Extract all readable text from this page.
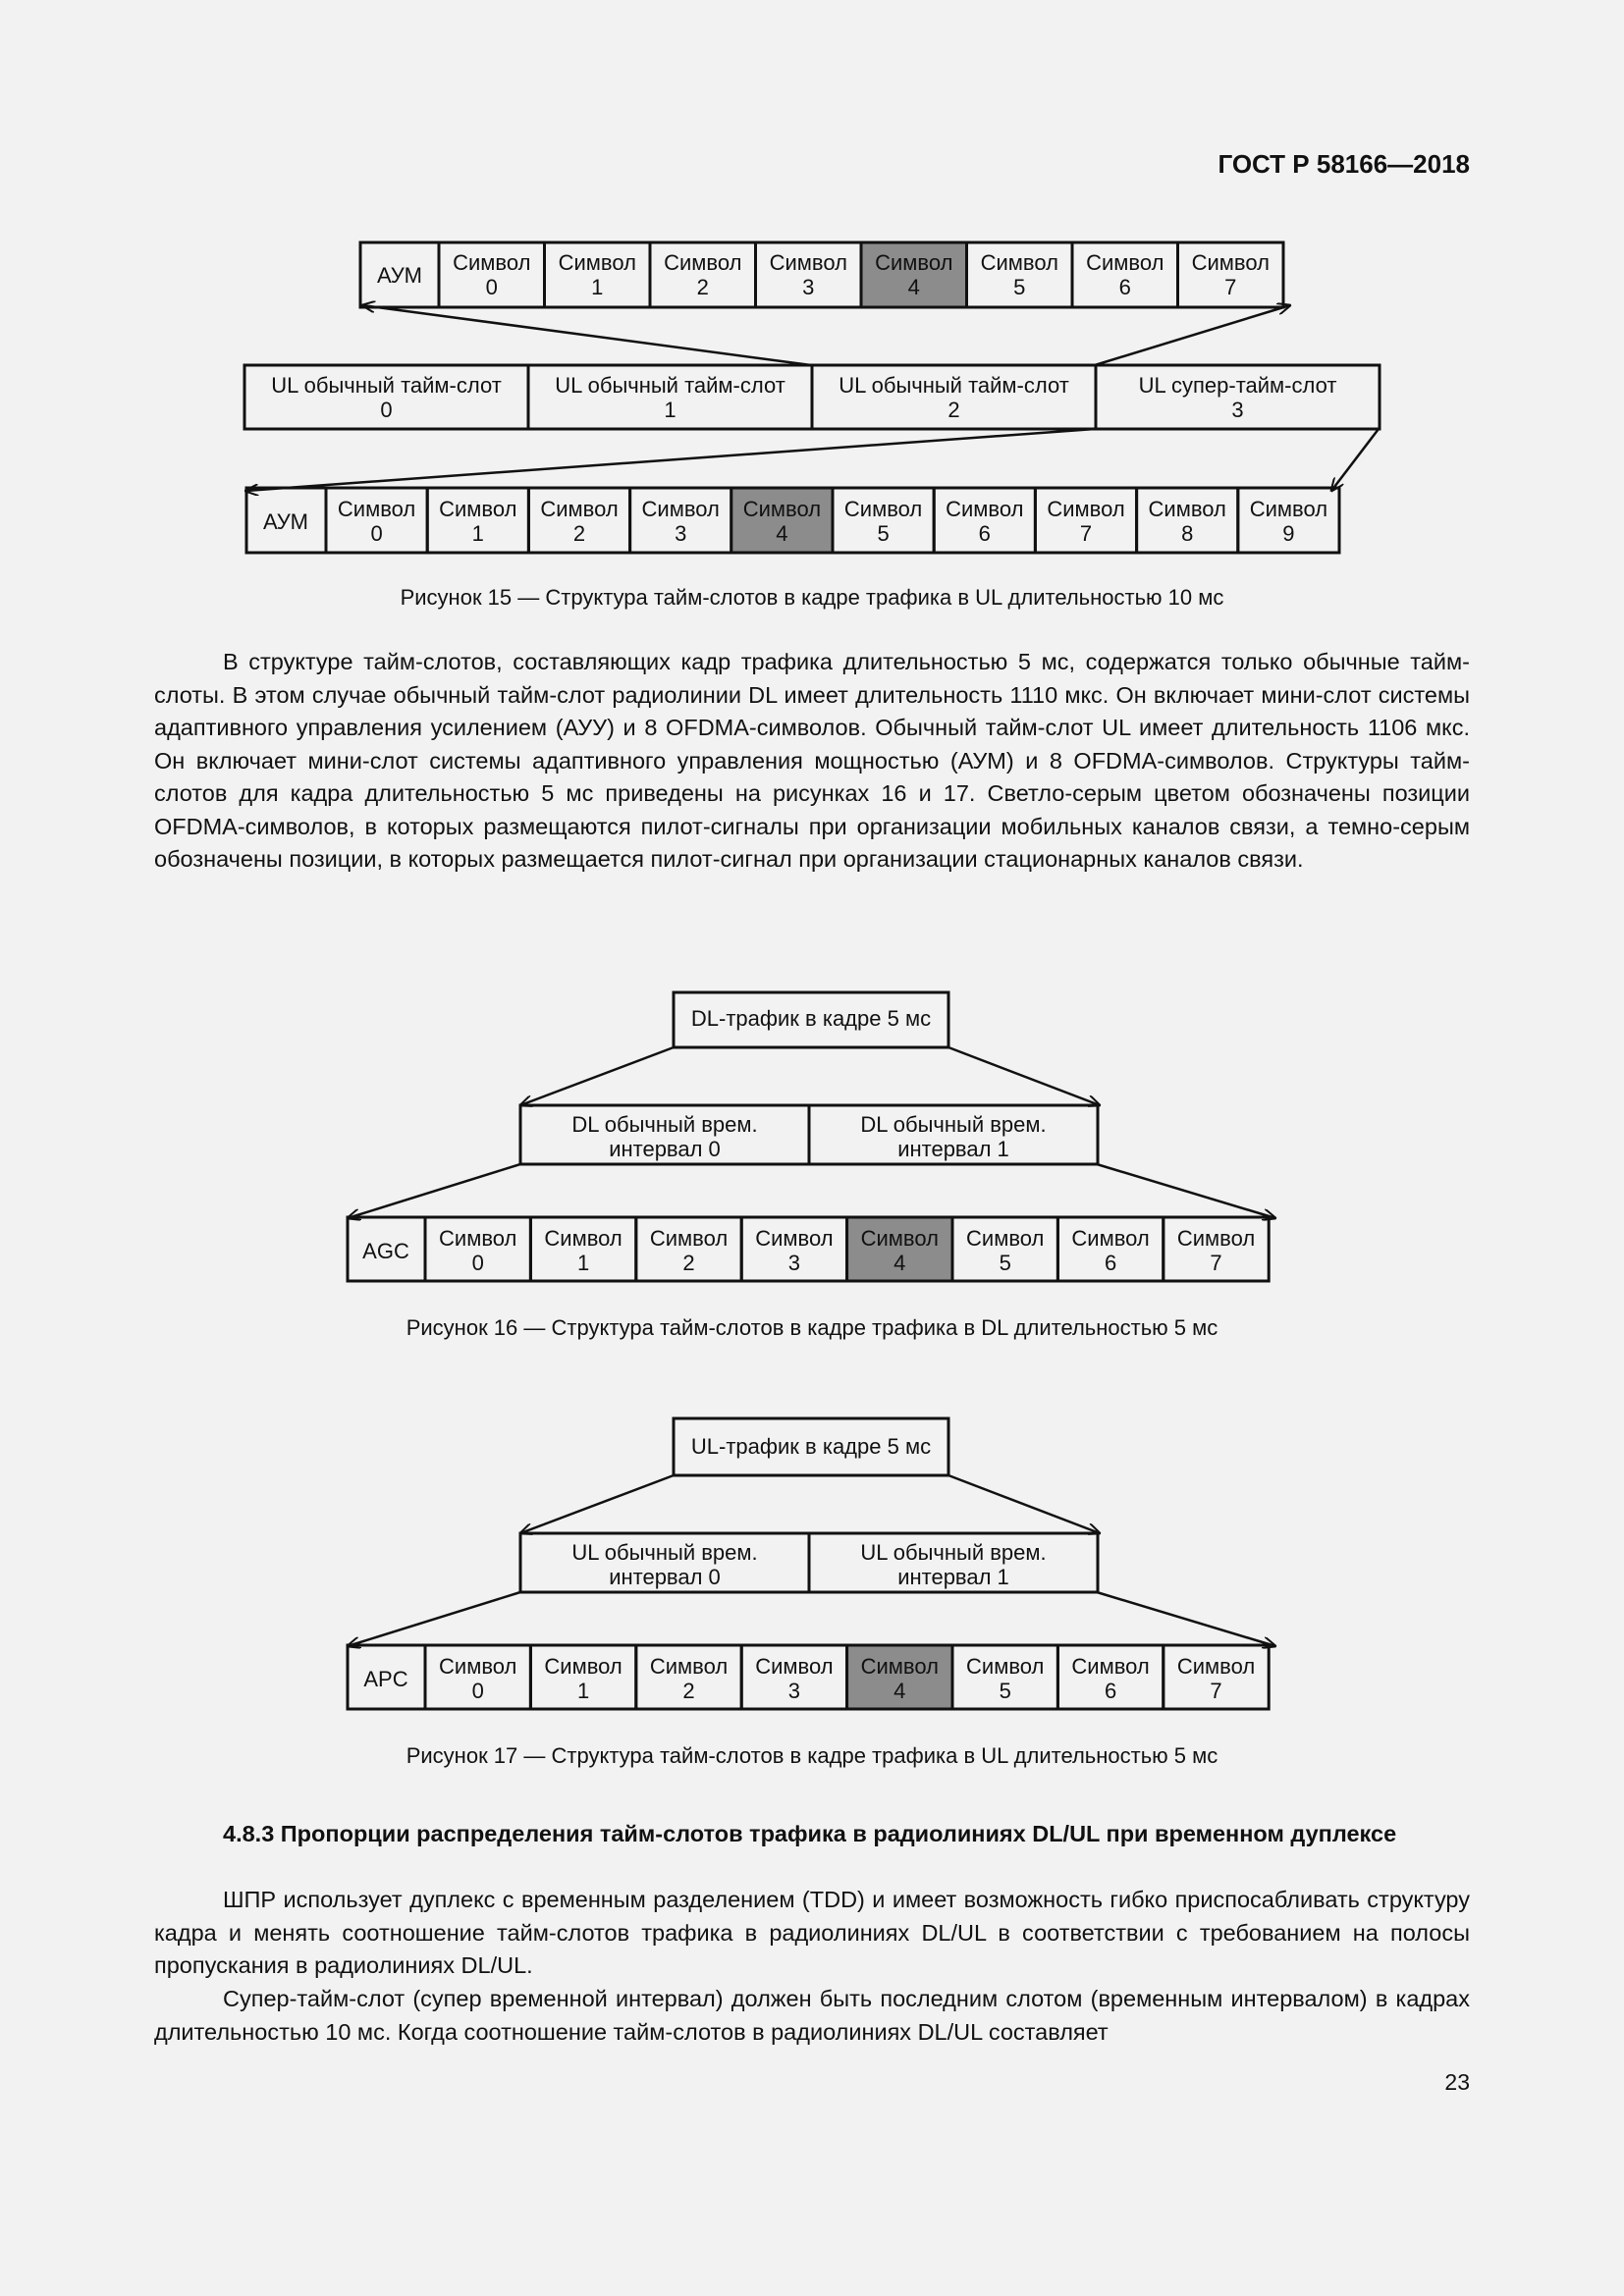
ГОСТ Р 58166—2018
АУМ
Символ
0
Символ
1
Символ
2
Символ
3
Символ
4
Символ
5
Символ
6
Символ
7
UL обычный тайм-слот
0
UL обычный тайм-слот
1
UL обычный тайм-слот
2
UL супер-тайм-слот
3
АУМ
Символ
0
Символ
1
Символ
2
Символ
3
Символ
4
Символ
5
Символ
6
Символ
7
Символ
8
Символ
9
Рисунок 15 — Структура тайм-слотов в кадре трафика в UL длительностью 10 мс
В структуре тайм-слотов, составляющих кадр трафика длительностью 5 мс, содержатся только обычные тайм-слоты. В этом случае обычный тайм-слот радиолинии DL имеет длительность 1110 мкс. Он включает мини-слот системы адаптивного управления усилением (АУУ) и 8 OFDMA-символов. Обычный тайм-слот UL имеет длительность 1106 мкс. Он включает мини-слот системы адаптивного управления мощностью (АУМ) и 8 OFDMA-символов. Структуры тайм-слотов для кадра длительностью 5 мс приведены на рисунках 16 и 17. Светло-серым цветом обозначены позиции OFDMA-символов, в которых размещаются пилот-сигналы при организации мобильных каналов связи, а темно-серым обозначены позиции, в которых размещается пилот-сигнал при организации стационарных каналов связи.
DL-трафик в кадре 5 мс
DL обычный врем.
интервал 0
DL обычный врем.
интервал 1
AGC
Символ
0
Символ
1
Символ
2
Символ
3
Символ
4
Символ
5
Символ
6
Символ
7
Рисунок 16 — Структура тайм-слотов в кадре трафика в DL длительностью 5 мс
UL-трафик в кадре 5 мс
UL обычный врем.
интервал 0
UL обычный врем.
интервал 1
APC
Символ
0
Символ
1
Символ
2
Символ
3
Символ
4
Символ
5
Символ
6
Символ
7
Рисунок 17 — Структура тайм-слотов в кадре трафика в UL длительностью 5 мс
4.8.3 Пропорции распределения тайм-слотов трафика в радиолиниях DL/UL при временном дуплексе
ШПР использует дуплекс с временным разделением (TDD) и имеет возможность гибко приспосабливать структуру кадра и менять соотношение тайм-слотов трафика в радиолиниях DL/UL в соответствии с требованием на полосы пропускания в радиолиниях DL/UL.
Супер-тайм-слот (супер временной интервал) должен быть последним слотом (временным интервалом) в кадрах длительностью 10 мс. Когда соотношение тайм-слотов в радиолиниях DL/UL составляет
23
